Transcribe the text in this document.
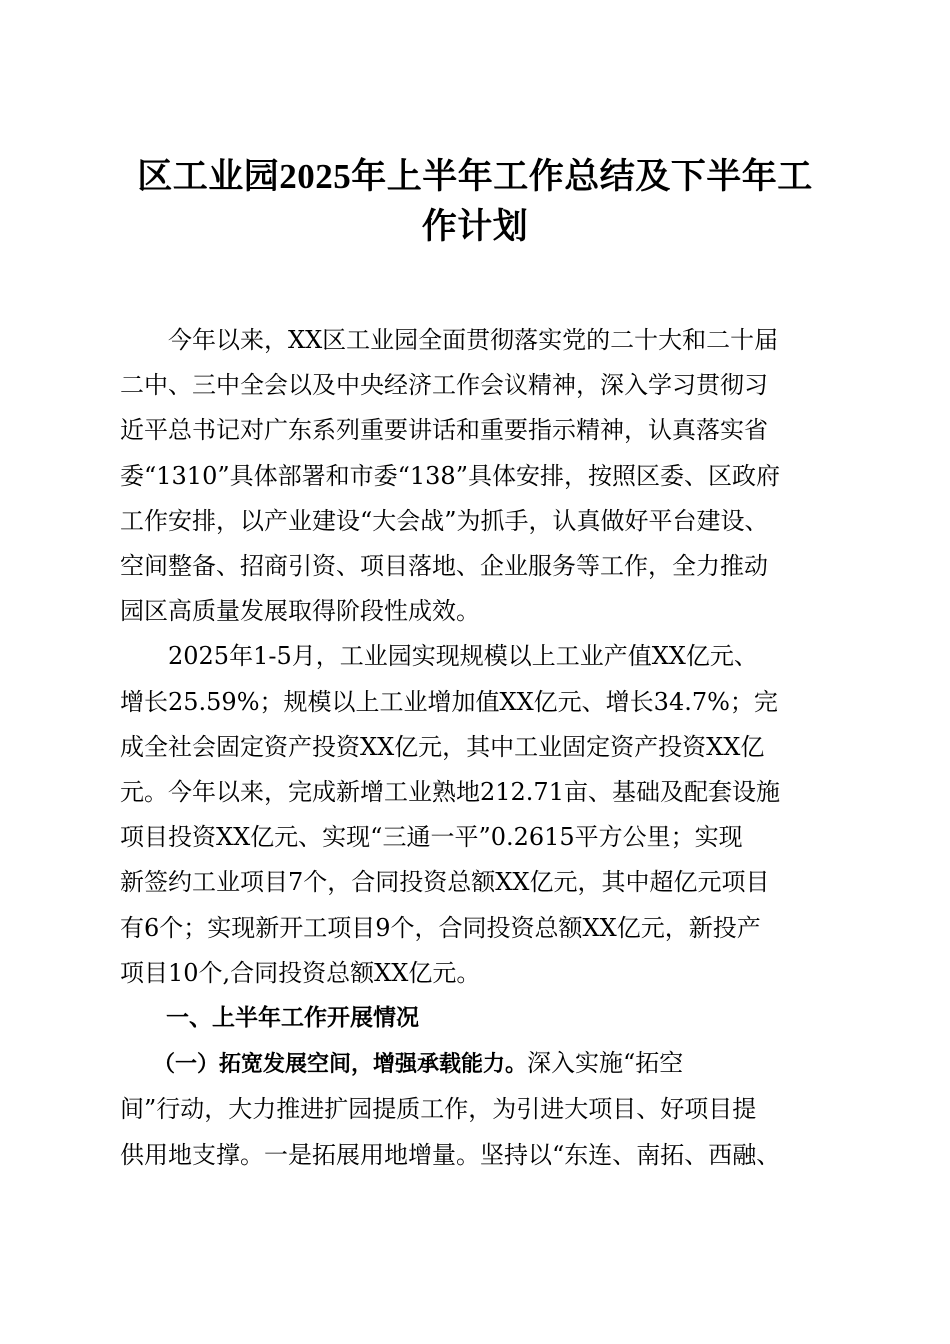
区工业园2025年上半年工作总结及下半年工
作计划

　　今年以来，XX区工业园全面贯彻落实党的二十大和二十届
二中、三中全会以及中央经济工作会议精神，深入学习贯彻习
近平总书记对广东系列重要讲话和重要指示精神，认真落实省
委“1310”具体部署和市委“138”具体安排，按照区委、区政府
工作安排，以产业建设“大会战”为抓手，认真做好平台建设、
空间整备、招商引资、项目落地、企业服务等工作，全力推动
园区高质量发展取得阶段性成效。

　　2025年1-5月，工业园实现规模以上工业产值XX亿元、
增长25.59%；规模以上工业增加值XX亿元、增长34.7%；完
成全社会固定资产投资XX亿元，其中工业固定资产投资XX亿
元。今年以来，完成新增工业熟地212.71亩、基础及配套设施
项目投资XX亿元、实现“三通一平”0.2615平方公里；实现
新签约工业项目7个，合同投资总额XX亿元，其中超亿元项目
有6个；实现新开工项目9个，合同投资总额XX亿元，新投产
项目10个,合同投资总额XX亿元。

　　一、上半年工作开展情况

　　（一）拓宽发展空间，增强承载能力。深入实施“拓空
间”行动，大力推进扩园提质工作，为引进大项目、好项目提
供用地支撑。一是拓展用地增量。坚持以“东连、南拓、西融、
